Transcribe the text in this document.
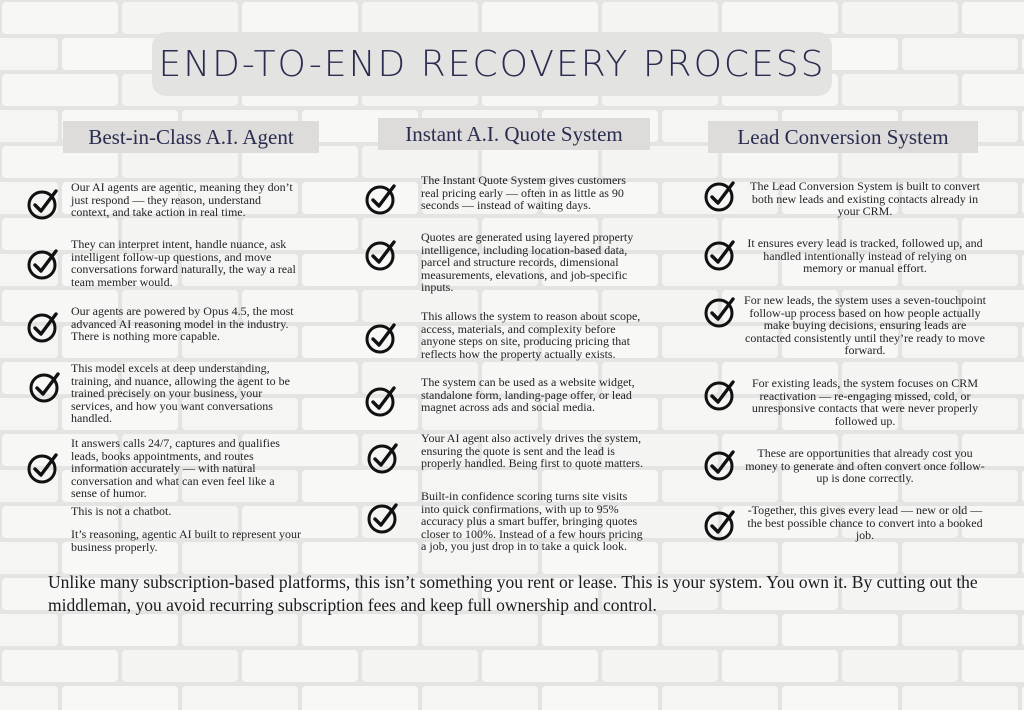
END-TO-END RECOVERY PROCESS
Best-in-Class A.I. Agent	Instant A.I. Quote System	Lead Conversion System
Our AI agents are agentic, meaning they don’t just respond — they reason, understand context, and take action in real time.
They can interpret intent, handle nuance, ask intelligent follow-up questions, and move conversations forward naturally, the way a real team member would.
Our agents are powered by Opus 4.5, the most advanced AI reasoning model in the industry. There is nothing more capable.
This model excels at deep understanding, training, and nuance, allowing the agent to be trained precisely on your business, your services, and how you want conversations handled.
It answers calls 24/7, captures and qualifies leads, books appointments, and routes information accurately — with natural conversation and what can even feel like a sense of humor.
This is not a chatbot.
It’s reasoning, agentic AI built to represent your business properly.
The Instant Quote System gives customers real pricing early — often in as little as 90 seconds — instead of waiting days.
Quotes are generated using layered property intelligence, including location-based data, parcel and structure records, dimensional measurements, elevations, and job-specific inputs.
This allows the system to reason about scope, access, materials, and complexity before anyone steps on site, producing pricing that reflects how the property actually exists.
The system can be used as a website widget, standalone form, landing-page offer, or lead magnet across ads and social media.
Your AI agent also actively drives the system, ensuring the quote is sent and the lead is properly handled. Being first to quote matters.
Built-in confidence scoring turns site visits into quick confirmations, with up to 95% accuracy plus a smart buffer, bringing quotes closer to 100%. Instead of a few hours pricing a job, you just drop in to take a quick look.
The Lead Conversion System is built to convert both new leads and existing contacts already in your CRM.
It ensures every lead is tracked, followed up, and handled intentionally instead of relying on memory or manual effort.
For new leads, the system uses a seven-touchpoint follow-up process based on how people actually make buying decisions, ensuring leads are contacted consistently until they’re ready to move forward.
For existing leads, the system focuses on CRM reactivation — re-engaging missed, cold, or unresponsive contacts that were never properly followed up.
These are opportunities that already cost you money to generate and often convert once follow-up is done correctly.
-Together, this gives every lead — new or old — the best possible chance to convert into a booked job.
Unlike many subscription-based platforms, this isn’t something you rent or lease. This is your system. You own it. By cutting out the middleman, you avoid recurring subscription fees and keep full ownership and control.
